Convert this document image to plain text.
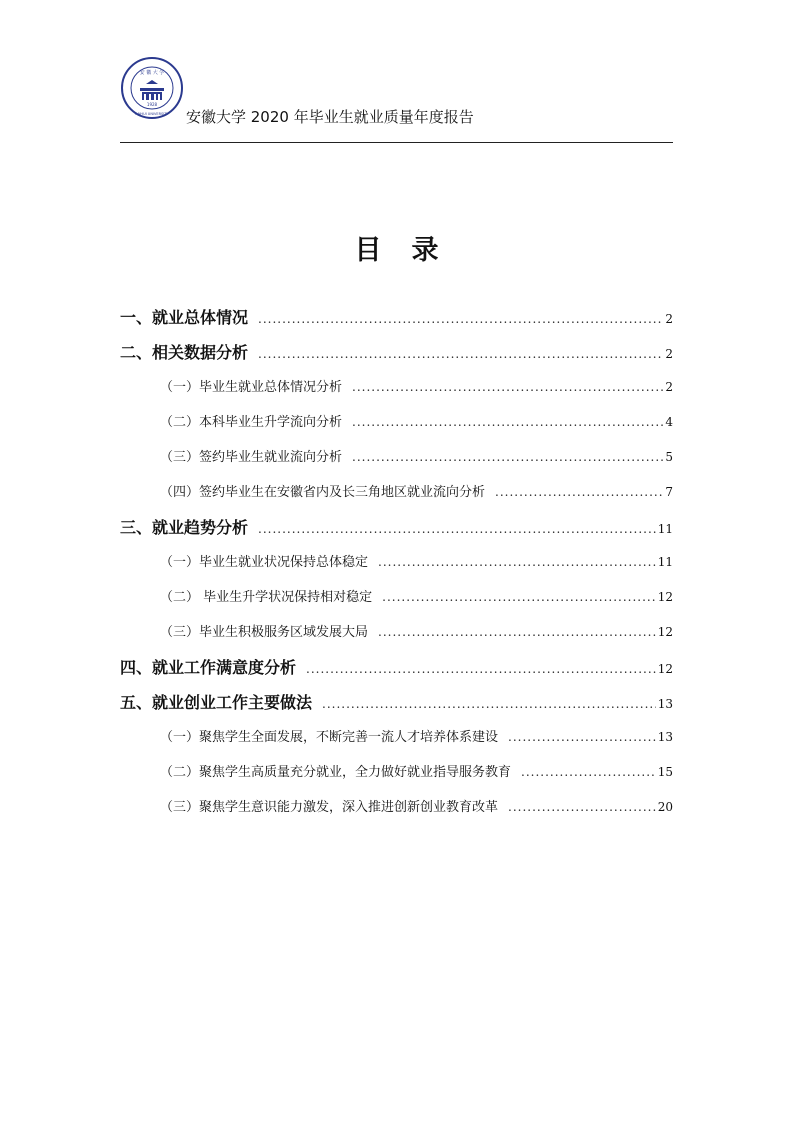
1928
安 徽 大 学
ANHUI UNIVERSITY 安徽大学 2020 年毕业生就业质量年度报告
目录
一、就业总体情况 .....	2
二、相关数据分析 .....	2
（一）毕业生就业总体情况分析 .....	2
（二）本科毕业生升学流向分析 .....	4
（三）签约毕业生就业流向分析 .....	5
（四）签约毕业生在安徽省内及长三角地区就业流向分析 .....	7
三、就业趋势分析 .....	11
（一）毕业生就业状况保持总体稳定 .....	11
（二） 毕业生升学状况保持相对稳定 .....	12
（三）毕业生积极服务区域发展大局 .....	12
四、就业工作满意度分析 .....	12
五、就业创业工作主要做法 .....	13
（一）聚焦学生全面发展，不断完善一流人才培养体系建设 .....	13
（二）聚焦学生高质量充分就业，全力做好就业指导服务教育 .....	15
（三）聚焦学生意识能力激发，深入推进创新创业教育改革 .....	20
